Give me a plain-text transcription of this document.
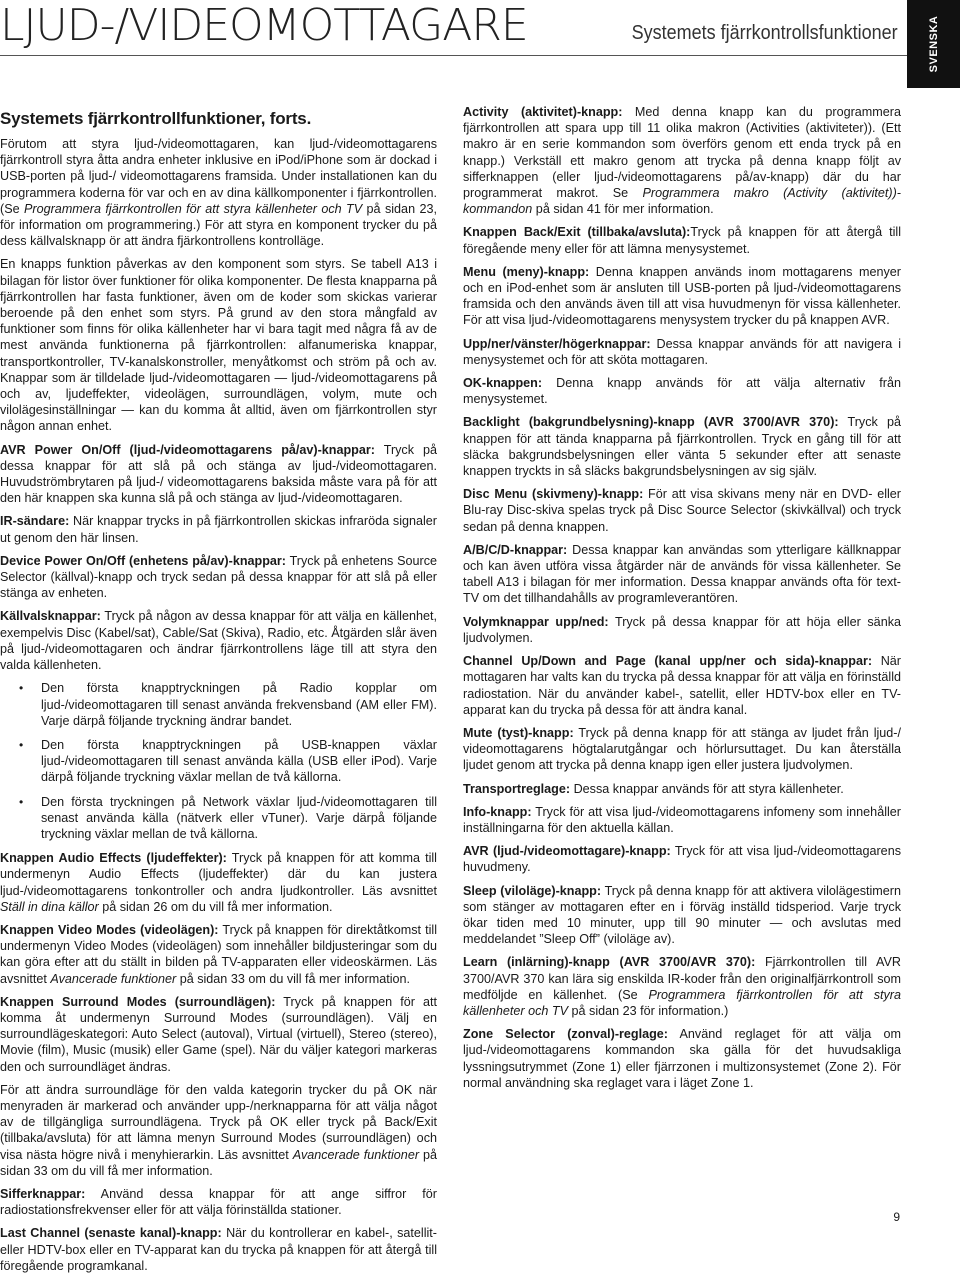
LJUD-/VIDEOMOTTAGARE	Systemets fjärrkontrollsfunktioner	SVENSKA
Systemets fjärrkontrollfunktioner, forts.

Förutom att styra ljud-/videomottagaren, kan ljud-/videomottagarens fjärrkontroll styra åtta andra enheter inklusive en iPod/iPhone som är dockad i USB-porten på ljud-/ videomottagarens framsida. Under installationen kan du programmera koderna för var och en av dina källkomponenter i fjärrkontrollen. (Se Programmera fjärrkontrollen för att styra källenheter och TV på sidan 23, för information om programmering.) För att styra en komponent trycker du på dess källvalsknapp ör att ändra fjärkontrollens kontrolläge.

En knapps funktion påverkas av den komponent som styrs. Se tabell A13 i bilagan för listor över funktioner för olika komponenter. De flesta knapparna på fjärrkontrollen har fasta funktioner, även om de koder som skickas varierar beroende på den enhet som styrs. På grund av den stora mångfald av funktioner som finns för olika källenheter har vi bara tagit med några få av de mest använda funktionerna på fjärrkontrollen: alfanumeriska knappar, transportkontroller, TV-kanalskonstroller, menyåtkomst och ström på och av. Knappar som är tilldelade ljud-/videomottagaren — ljud-/videomottagarens på och av, ljudeffekter, videolägen, surroundlägen, volym, mute och vilolägesinställningar — kan du komma åt alltid, även om fjärrkontrollen styr någon annan enhet.

AVR Power On/Off (ljud-/videomottagarens på/av)-knappar: Tryck på dessa knappar för att slå på och stänga av ljud-/videomottagaren. Huvudströmbrytaren på ljud-/ videomottagarens baksida måste vara på för att den här knappen ska kunna slå på och stänga av ljud-/videomottagaren.

IR-sändare: När knappar trycks in på fjärrkontrollen skickas infraröda signaler ut genom den här linsen.

Device Power On/Off (enhetens på/av)-knappar: Tryck på enhetens Source Selector (källval)-knapp och tryck sedan på dessa knappar för att slå på eller stänga av enheten.

Källvalsknappar: Tryck på någon av dessa knappar för att välja en källenhet, exempelvis Disc (Kabel/sat), Cable/Sat (Skiva), Radio, etc. Åtgärden slår även på ljud-/videomottagaren och ändrar fjärrkontrollens läge till att styra den valda källenheten.

• Den första knapptryckningen på Radio kopplar om ljud-/videomottagaren till senast använda frekvensband (AM eller FM). Varje därpå följande tryckning ändrar bandet.
• Den första knapptryckningen på USB-knappen växlar ljud-/videomottagaren till senast använda källa (USB eller iPod). Varje därpå följande tryckning växlar mellan de två källorna.
• Den första tryckningen på Network växlar ljud-/videomottagaren till senast använda källa (nätverk eller vTuner). Varje därpå följande tryckning växlar mellan de två källorna.

Knappen Audio Effects (ljudeffekter): Tryck på knappen för att komma till undermenyn Audio Effects (ljudeffekter) där du kan justera ljud-/videomottagarens tonkontroller och andra ljudkontroller. Läs avsnittet Ställ in dina källor på sidan 26 om du vill få mer information.

Knappen Video Modes (videolägen): Tryck på knappen för direktåtkomst till undermenyn Video Modes (videolägen) som innehåller bildjusteringar som du kan göra efter att du ställt in bilden på TV-apparaten eller videoskärmen. Läs avsnittet Avancerade funktioner på sidan 33 om du vill få mer information.

Knappen Surround Modes (surroundlägen): Tryck på knappen för att komma åt undermenyn Surround Modes (surroundlägen). Välj en surroundlägeskategori: Auto Select (autoval), Virtual (virtuell), Stereo (stereo), Movie (film), Music (musik) eller Game (spel). När du väljer kategori markeras den och surroundläget ändras.

För att ändra surroundläge för den valda kategorin trycker du på OK när menyraden är markerad och använder upp-/nerknapparna för att välja något av de tillgängliga surroundlägena. Tryck på OK eller tryck på Back/Exit (tillbaka/avsluta) för att lämna menyn Surround Modes (surroundlägen) och visa nästa högre nivå i menyhierarkin. Läs avsnittet Avancerade funktioner på sidan 33 om du vill få mer information.

Sifferknappar: Använd dessa knappar för att ange siffror för radiostationsfrekvenser eller för att välja förinställda stationer.

Last Channel (senaste kanal)-knapp: När du kontrollerar en kabel-, satellit- eller HDTV-box eller en TV-apparat kan du trycka på knappen för att återgå till föregående programkanal.

Activity (aktivitet)-knapp: Med denna knapp kan du programmera fjärrkontrollen att spara upp till 11 olika makron (Activities (aktiviteter)). (Ett makro är en serie kommandon som överförs genom ett enda tryck på en knapp.) Verkställ ett makro genom att trycka på denna knapp följt av sifferknappen (eller ljud-/videomottagarens på/av-knapp) där du har programmerat makrot. Se Programmera makro (Activity (aktivitet))-kommandon på sidan 41 för mer information.

Knappen Back/Exit (tillbaka/avsluta):Tryck på knappen för att återgå till föregående meny eller för att lämna menysystemet.

Menu (meny)-knapp: Denna knappen används inom mottagarens menyer och en iPod-enhet som är ansluten till USB-porten på ljud-/videomottagarens framsida och den används även till att visa huvudmenyn för vissa källenheter. För att visa ljud-/videomottagarens menysystem trycker du på knappen AVR.

Upp/ner/vänster/högerknappar: Dessa knappar används för att navigera i menysystemet och för att sköta mottagaren.

OK-knappen: Denna knapp används för att välja alternativ från menysystemet.

Backlight (bakgrundbelysning)-knapp (AVR 3700/AVR 370): Tryck på knappen för att tända knapparna på fjärrkontrollen. Tryck en gång till för att släcka bakgrundsbelysningen eller vänta 5 sekunder efter att senaste knappen tryckts in så släcks bakgrundsbelysningen av sig själv.

Disc Menu (skivmeny)-knapp: För att visa skivans meny när en DVD- eller Blu-ray Disc-skiva spelas tryck på Disc Source Selector (skivkällval) och tryck sedan på denna knappen.

A/B/C/D-knappar: Dessa knappar kan användas som ytterligare källknappar och kan även utföra vissa åtgärder när de används för vissa källenheter. Se tabell A13 i bilagan för mer information. Dessa knappar används ofta för text-TV om det tillhandahålls av programleverantören.

Volymknappar upp/ned: Tryck på dessa knappar för att höja eller sänka ljudvolymen.

Channel Up/Down and Page (kanal upp/ner och sida)-knappar: När mottagaren har valts kan du trycka på dessa knappar för att välja en förinställd radiostation. När du använder kabel-, satellit, eller HDTV-box eller en TV-apparat kan du trycka på dessa för att ändra kanal.

Mute (tyst)-knapp: Tryck på denna knapp för att stänga av ljudet från ljud-/ videomottagarens högtalarutgångar och hörlursuttaget. Du kan återställa ljudet genom att trycka på denna knapp igen eller justera ljudvolymen.

Transportreglage: Dessa knappar används för att styra källenheter.

Info-knapp: Tryck för att visa ljud-/videomottagarens infomeny som innehåller inställningarna för den aktuella källan.

AVR (ljud-/videomottagare)-knapp: Tryck för att visa ljud-/videomottagarens huvudmeny.

Sleep (viloläge)-knapp: Tryck på denna knapp för att aktivera vilolägestimern som stänger av mottagaren efter en i förväg inställd tidsperiod. Varje tryck ökar tiden med 10 minuter, upp till 90 minuter — och avslutas med meddelandet ”Sleep Off” (viloläge av).

Learn (inlärning)-knapp (AVR 3700/AVR 370): Fjärrkontrollen till AVR 3700/AVR 370 kan lära sig enskilda IR-koder från den originalfjärrkontroll som medföljde en källenhet. (Se Programmera fjärrkontrollen för att styra källenheter och TV på sidan 23 för information.)

Zone Selector (zonval)-reglage: Använd reglaget för att välja om ljud-/videomottagarens kommandon ska gälla för det huvudsakliga lyssningsutrymmet (Zone 1) eller fjärrzonen i multizonsystemet (Zone 2). För normal användning ska reglaget vara i läget Zone 1.

9
